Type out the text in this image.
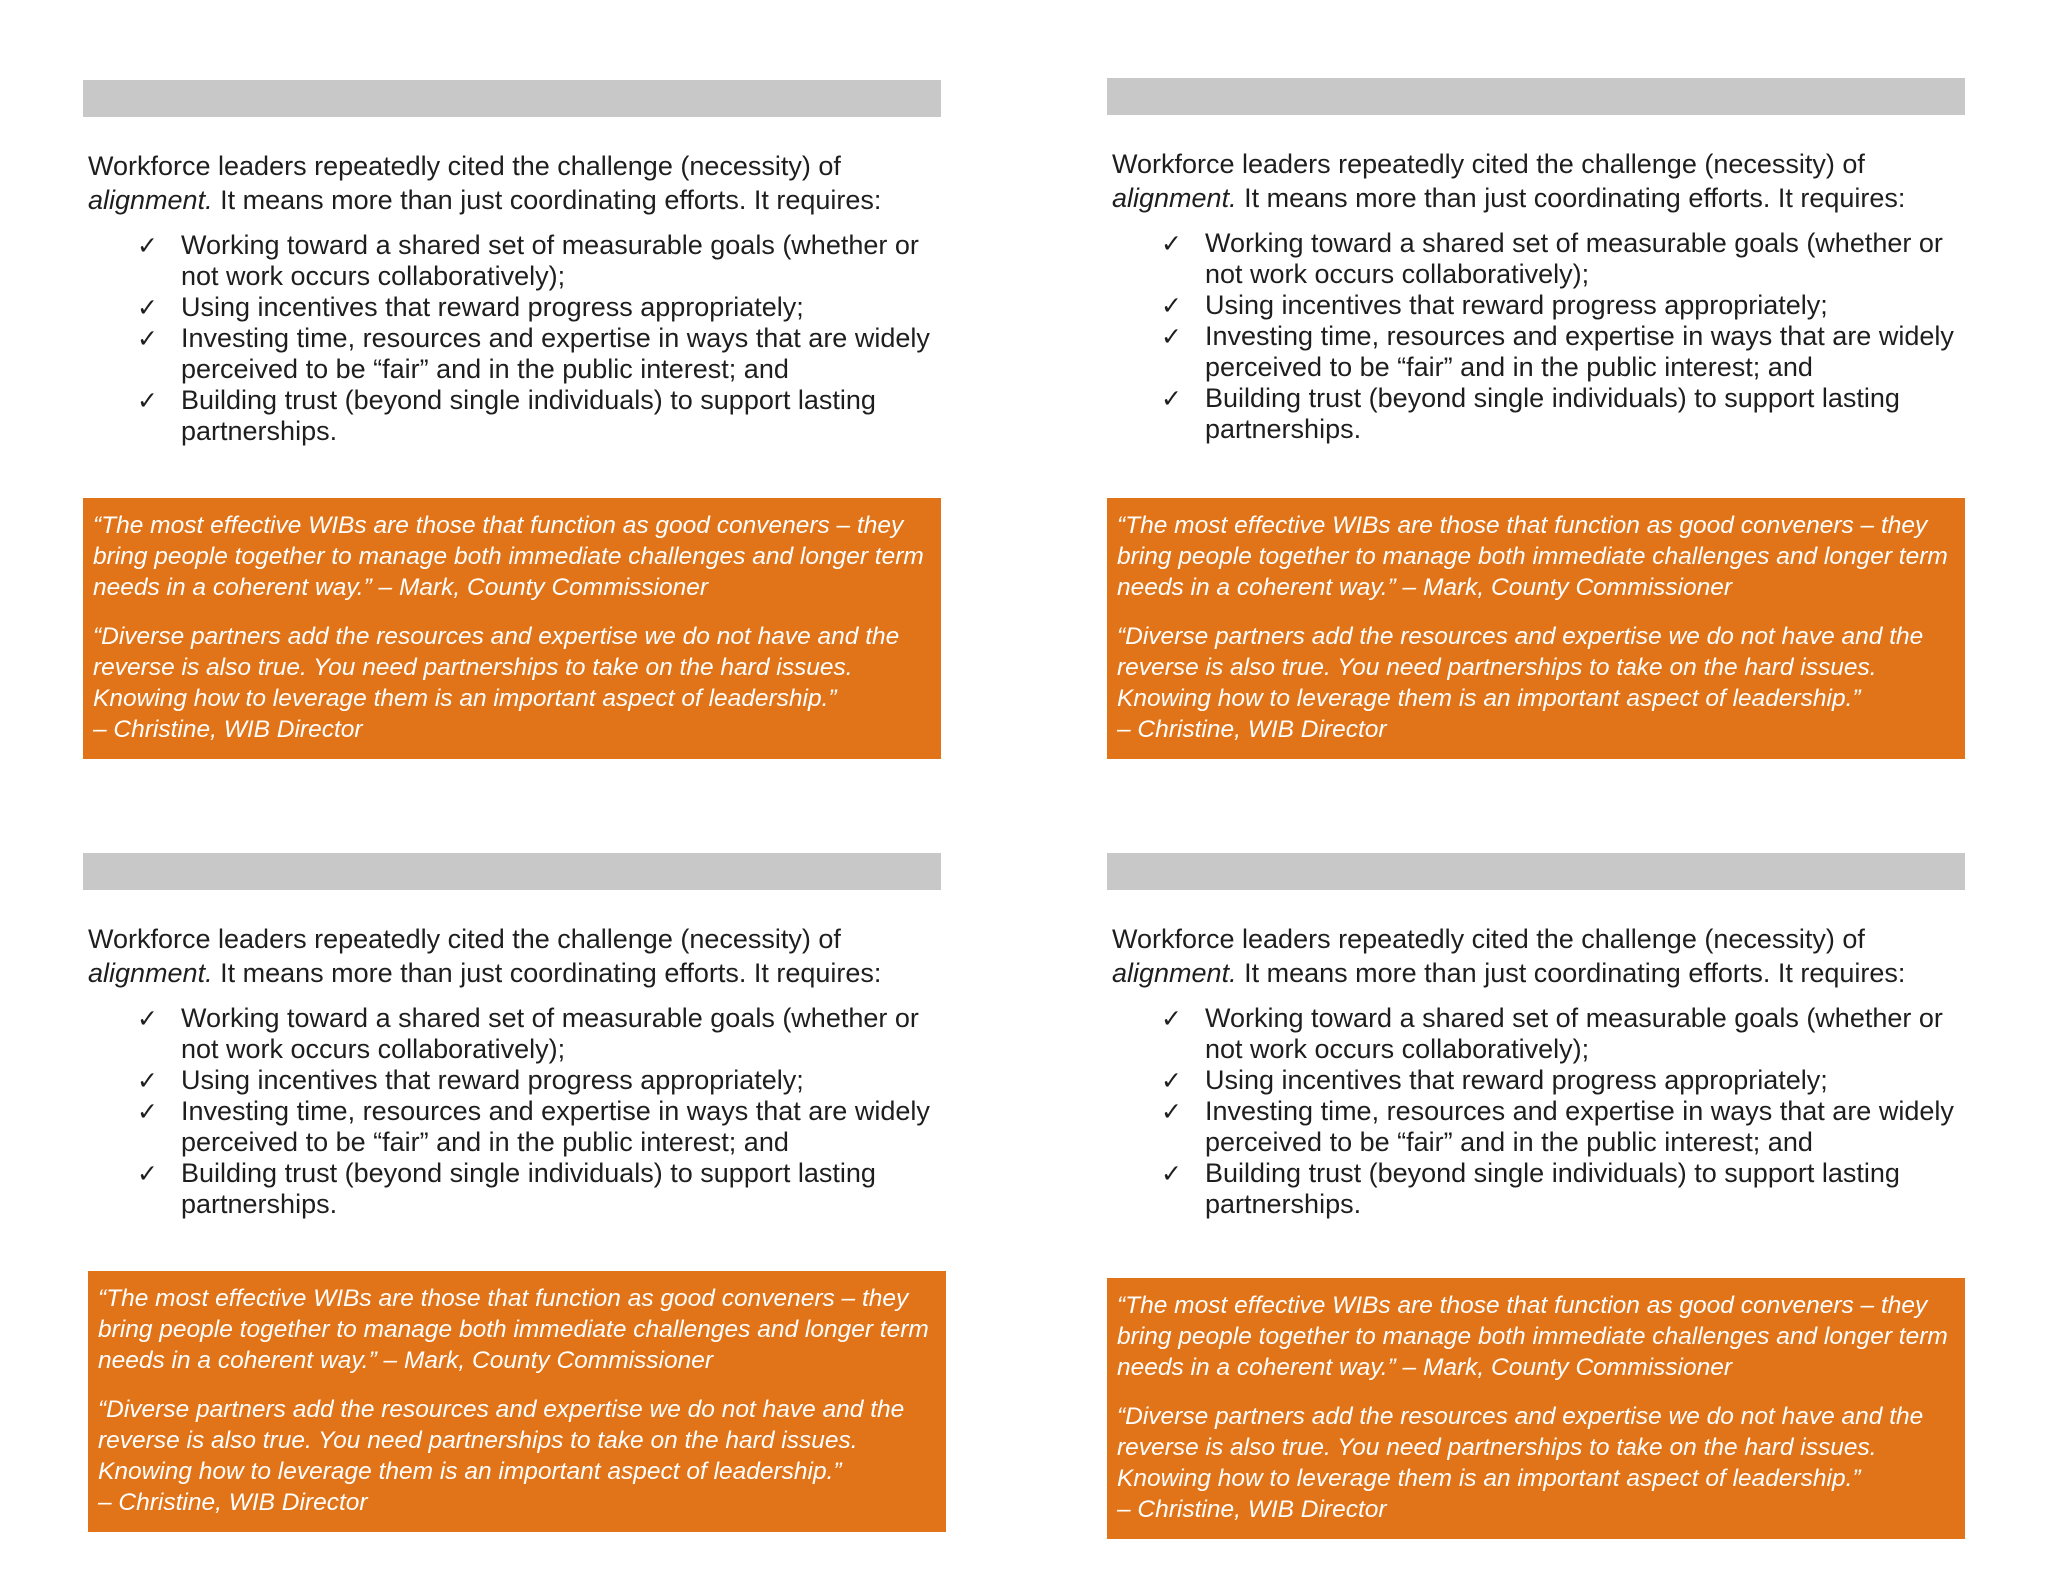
Workforce leaders repeatedly cited the challenge (necessity) of
alignment. It means more than just coordinating efforts. It requires:

✓ Working toward a shared set of measurable goals (whether or not work occurs collaboratively);
✓ Using incentives that reward progress appropriately;
✓ Investing time, resources and expertise in ways that are widely perceived to be “fair” and in the public interest; and
✓ Building trust (beyond single individuals) to support lasting partnerships.

“The most effective WIBs are those that function as good conveners – they bring people together to manage both immediate challenges and longer term needs in a coherent way.” – Mark, County Commissioner

“Diverse partners add the resources and expertise we do not have and the reverse is also true. You need partnerships to take on the hard issues. Knowing how to leverage them is an important aspect of leadership.”
– Christine, WIB Director

Workforce leaders repeatedly cited the challenge (necessity) of
alignment. It means more than just coordinating efforts. It requires:

✓ Working toward a shared set of measurable goals (whether or not work occurs collaboratively);
✓ Using incentives that reward progress appropriately;
✓ Investing time, resources and expertise in ways that are widely perceived to be “fair” and in the public interest; and
✓ Building trust (beyond single individuals) to support lasting partnerships.

“The most effective WIBs are those that function as good conveners – they bring people together to manage both immediate challenges and longer term needs in a coherent way.” – Mark, County Commissioner

“Diverse partners add the resources and expertise we do not have and the reverse is also true. You need partnerships to take on the hard issues. Knowing how to leverage them is an important aspect of leadership.”
– Christine, WIB Director

Workforce leaders repeatedly cited the challenge (necessity) of
alignment. It means more than just coordinating efforts. It requires:

✓ Working toward a shared set of measurable goals (whether or not work occurs collaboratively);
✓ Using incentives that reward progress appropriately;
✓ Investing time, resources and expertise in ways that are widely perceived to be “fair” and in the public interest; and
✓ Building trust (beyond single individuals) to support lasting partnerships.

“The most effective WIBs are those that function as good conveners – they bring people together to manage both immediate challenges and longer term needs in a coherent way.” – Mark, County Commissioner

“Diverse partners add the resources and expertise we do not have and the reverse is also true. You need partnerships to take on the hard issues. Knowing how to leverage them is an important aspect of leadership.”
– Christine, WIB Director

Workforce leaders repeatedly cited the challenge (necessity) of
alignment. It means more than just coordinating efforts. It requires:

✓ Working toward a shared set of measurable goals (whether or not work occurs collaboratively);
✓ Using incentives that reward progress appropriately;
✓ Investing time, resources and expertise in ways that are widely perceived to be “fair” and in the public interest; and
✓ Building trust (beyond single individuals) to support lasting partnerships.

“The most effective WIBs are those that function as good conveners – they bring people together to manage both immediate challenges and longer term needs in a coherent way.” – Mark, County Commissioner

“Diverse partners add the resources and expertise we do not have and the reverse is also true. You need partnerships to take on the hard issues. Knowing how to leverage them is an important aspect of leadership.”
– Christine, WIB Director
